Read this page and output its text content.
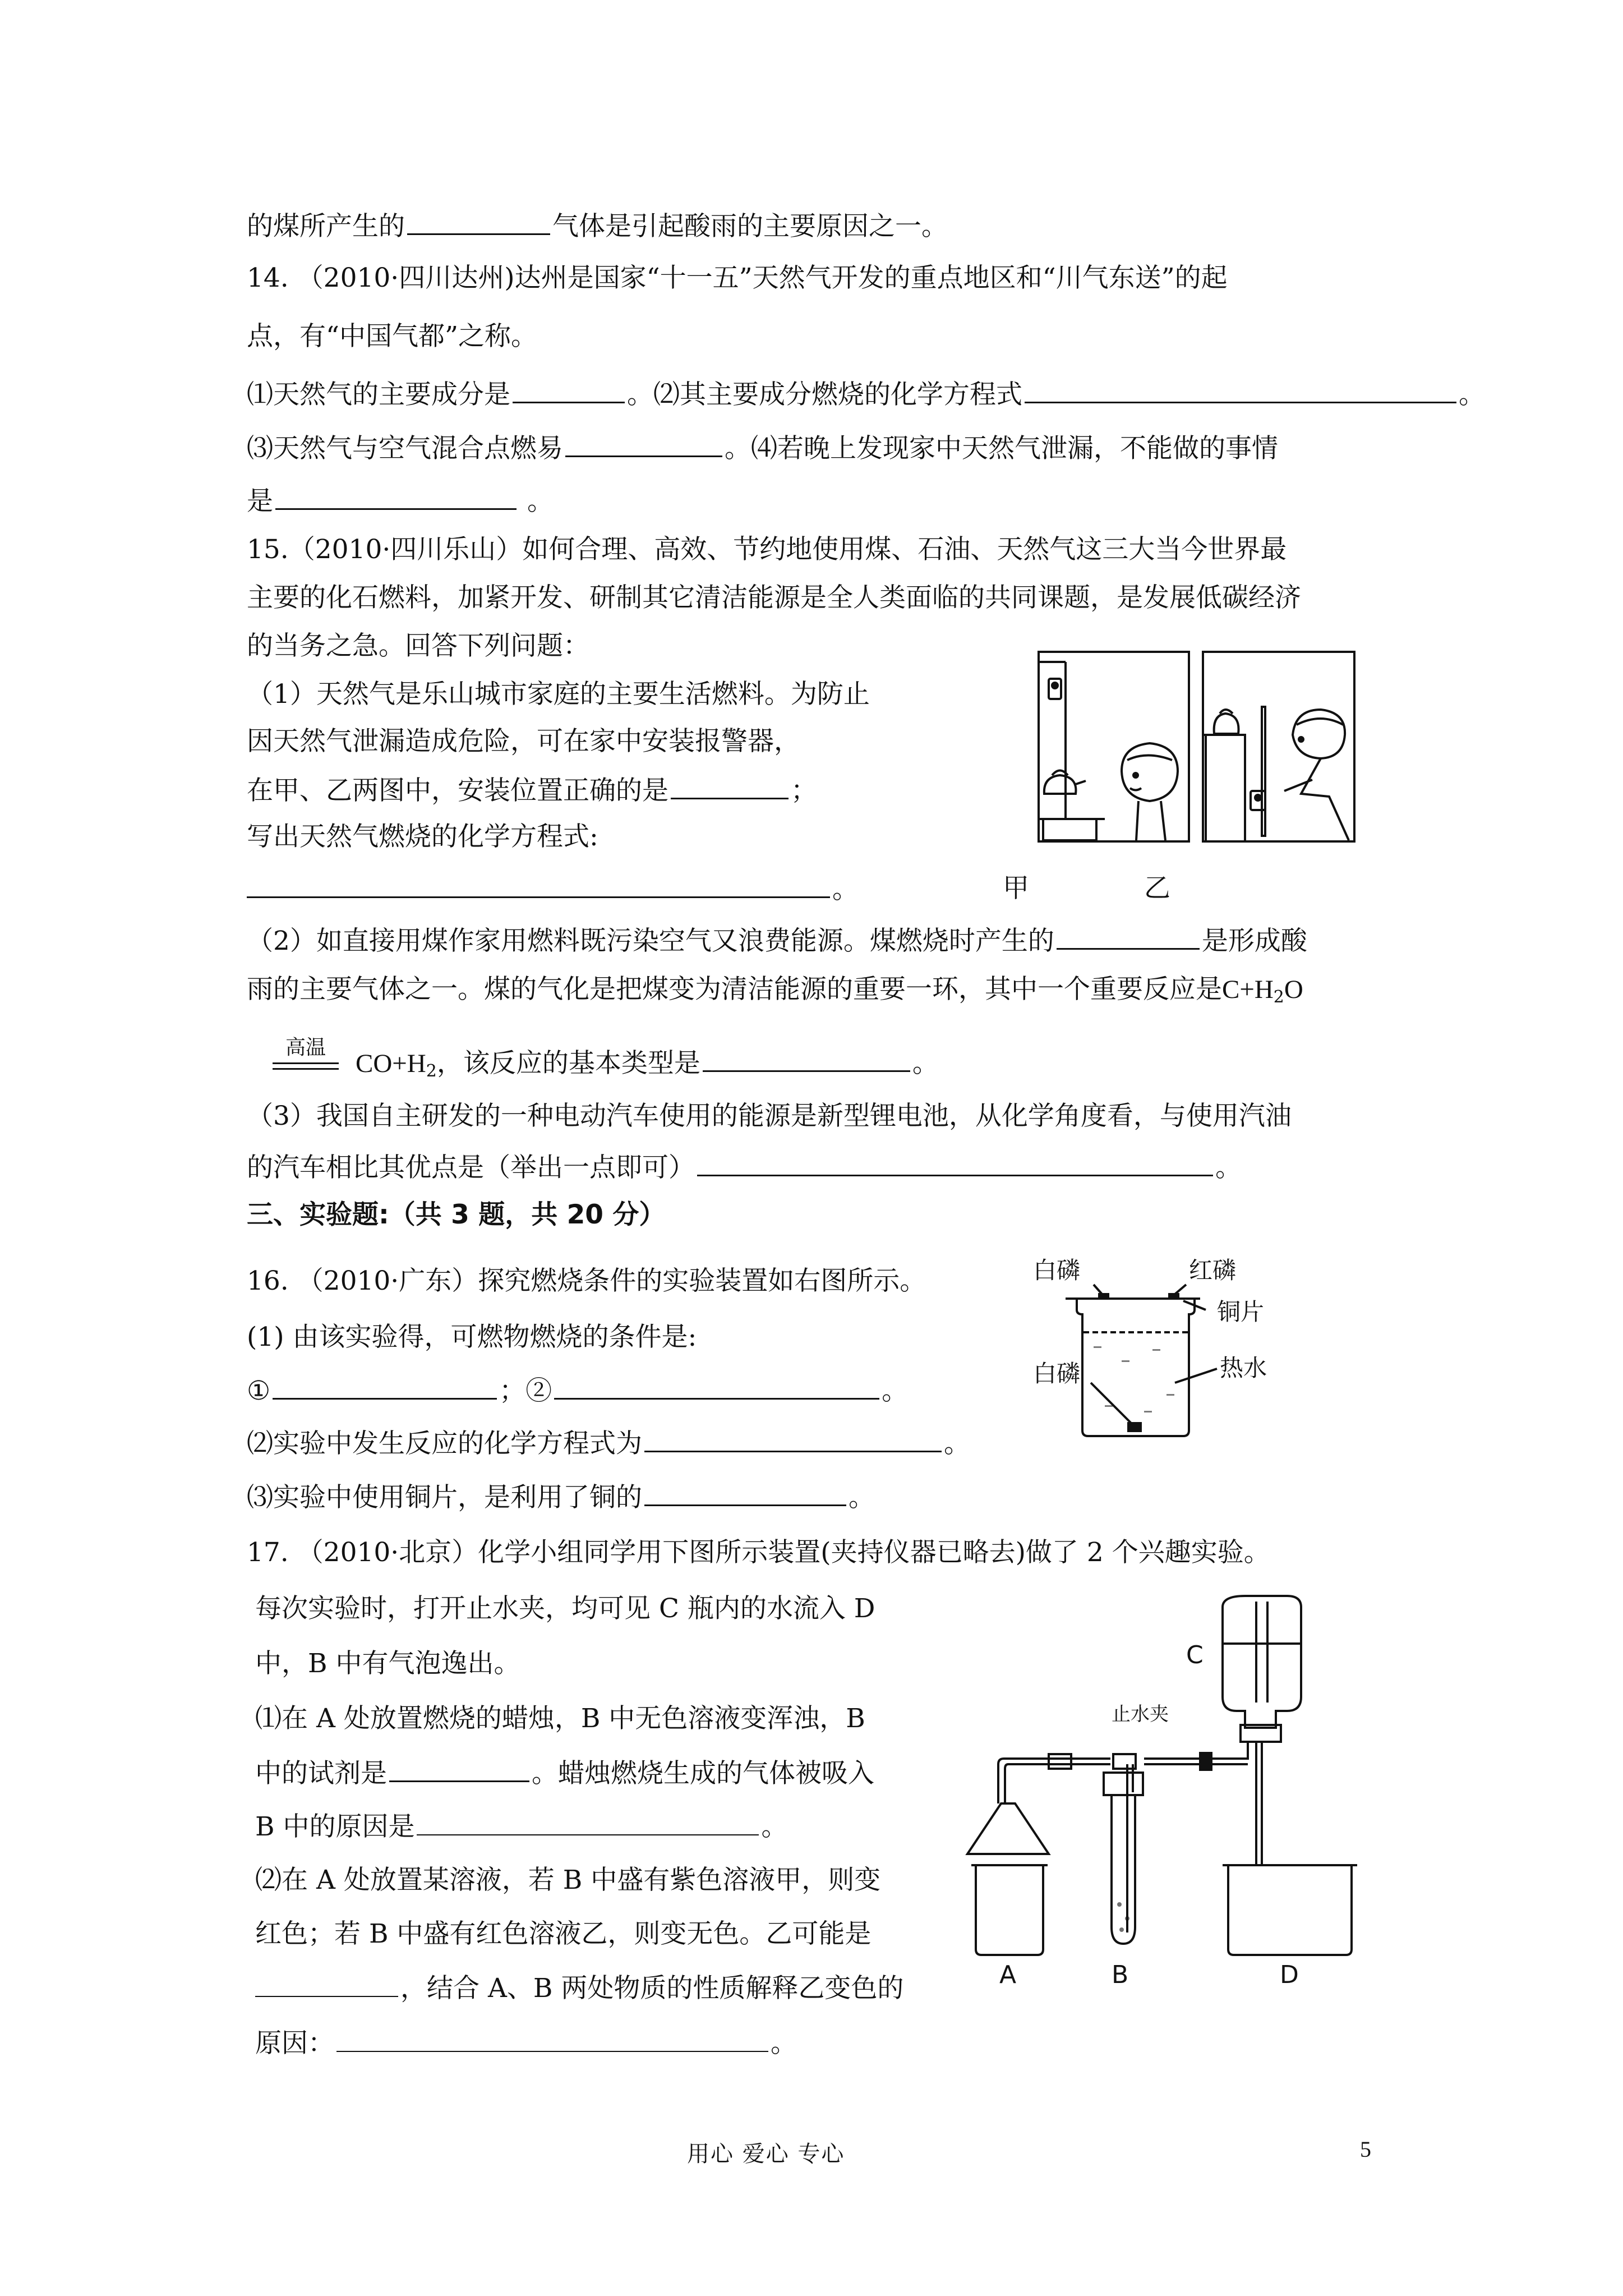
的煤所产生的	气体是引起酸雨的主要原因之一。
14. （2010·四川达州)达州是国家“十一五”天然气开发的重点地区和“川气东送”的起
点，有“中国气都”之称。
⑴天然气的主要成分是	。⑵其主要成分燃烧的化学方程式	。
⑶天然气与空气混合点燃易	。⑷若晚上发现家中天然气泄漏，不能做的事情
是	。
15.（2010·四川乐山）如何合理、高效、节约地使用煤、石油、天然气这三大当今世界最
主要的化石燃料，加紧开发、研制其它清洁能源是全人类面临的共同课题，是发展低碳经济
的当务之急。回答下列问题：
（1）天然气是乐山城市家庭的主要生活燃料。为防止
因天然气泄漏造成危险，可在家中安装报警器，
在甲、乙两图中，安装位置正确的是	；
写出天然气燃烧的化学方程式:
。	甲	乙
（2）如直接用煤作家用燃料既污染空气又浪费能源。煤燃烧时产生的	是形成酸
雨的主要气体之一。煤的气化是把煤变为清洁能源的重要一环，其中一个重要反应是$C+H_2O$
高温
$CO+H_2$，该反应的基本类型是	。
（3）我国自主研发的一种电动汽车使用的能源是新型锂电池，从化学角度看，与使用汽油
的汽车相比其优点是（举出一点即可）	。
三、实验题:（共 3 题，共 20 分）
16. （2010·广东）探究燃烧条件的实验装置如右图所示。
(1) 由该实验得，可燃物燃烧的条件是:
①	；②	。
⑵实验中发生反应的化学方程式为	。
⑶实验中使用铜片，是利用了铜的	。
17. （2010·北京）化学小组同学用下图所示装置(夹持仪器已略去)做了 2 个兴趣实验。
每次实验时，打开止水夹，均可见 C 瓶内的水流入 D
中，B 中有气泡逸出。
⑴在 A 处放置燃烧的蜡烛，B 中无色溶液变浑浊，B
中的试剂是	。蜡烛燃烧生成的气体被吸入
B 中的原因是	。
⑵在 A 处放置某溶液，若 B 中盛有紫色溶液甲，则变
红色；若 B 中盛有红色溶液乙，则变无色。乙可能是
，结合 A、B 两处物质的性质解释乙变色的
原因：	。
白磷	红磷
铜片
白磷	热水
C
止水夹
A	B	D
用心 爱心 专心	5
